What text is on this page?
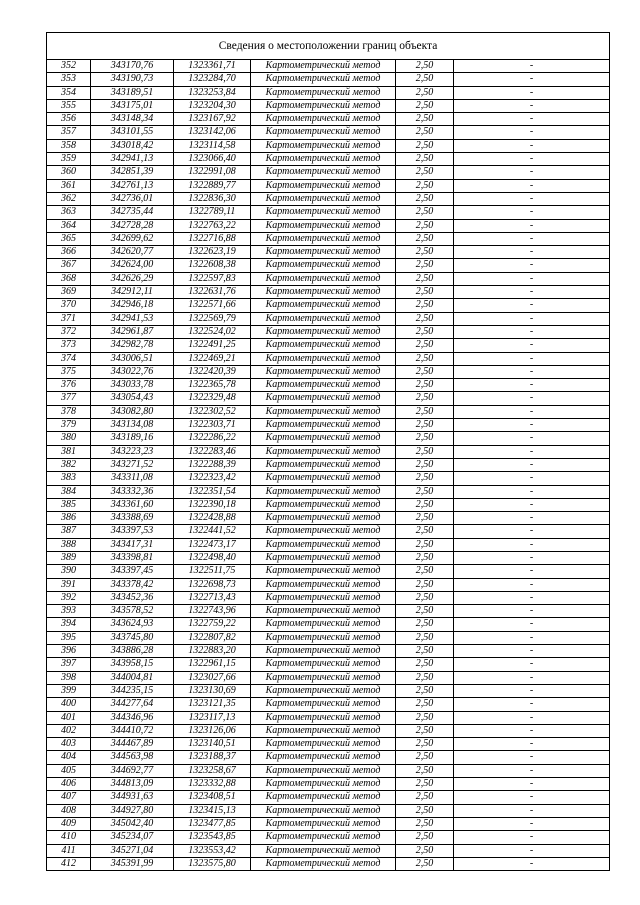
Сведения о местоположении границ объекта					
352	343170,76	1323361,71	Картометрический метод	2,50	-
353	343190,73	1323284,70	Картометрический метод	2,50	-
354	343189,51	1323253,84	Картометрический метод	2,50	-
355	343175,01	1323204,30	Картометрический метод	2,50	-
356	343148,34	1323167,92	Картометрический метод	2,50	-
357	343101,55	1323142,06	Картометрический метод	2,50	-
358	343018,42	1323114,58	Картометрический метод	2,50	-
359	342941,13	1323066,40	Картометрический метод	2,50	-
360	342851,39	1322991,08	Картометрический метод	2,50	-
361	342761,13	1322889,77	Картометрический метод	2,50	-
362	342736,01	1322836,30	Картометрический метод	2,50	-
363	342735,44	1322789,11	Картометрический метод	2,50	-
364	342728,28	1322763,22	Картометрический метод	2,50	-
365	342699,62	1322716,88	Картометрический метод	2,50	-
366	342620,77	1322623,19	Картометрический метод	2,50	-
367	342624,00	1322608,38	Картометрический метод	2,50	-
368	342626,29	1322597,83	Картометрический метод	2,50	-
369	342912,11	1322631,76	Картометрический метод	2,50	-
370	342946,18	1322571,66	Картометрический метод	2,50	-
371	342941,53	1322569,79	Картометрический метод	2,50	-
372	342961,87	1322524,02	Картометрический метод	2,50	-
373	342982,78	1322491,25	Картометрический метод	2,50	-
374	343006,51	1322469,21	Картометрический метод	2,50	-
375	343022,76	1322420,39	Картометрический метод	2,50	-
376	343033,78	1322365,78	Картометрический метод	2,50	-
377	343054,43	1322329,48	Картометрический метод	2,50	-
378	343082,80	1322302,52	Картометрический метод	2,50	-
379	343134,08	1322303,71	Картометрический метод	2,50	-
380	343189,16	1322286,22	Картометрический метод	2,50	-
381	343223,23	1322283,46	Картометрический метод	2,50	-
382	343271,52	1322288,39	Картометрический метод	2,50	-
383	343311,08	1322323,42	Картометрический метод	2,50	-
384	343332,36	1322351,54	Картометрический метод	2,50	-
385	343361,60	1322390,18	Картометрический метод	2,50	-
386	343388,69	1322428,88	Картометрический метод	2,50	-
387	343397,53	1322441,52	Картометрический метод	2,50	-
388	343417,31	1322473,17	Картометрический метод	2,50	-
389	343398,81	1322498,40	Картометрический метод	2,50	-
390	343397,45	1322511,75	Картометрический метод	2,50	-
391	343378,42	1322698,73	Картометрический метод	2,50	-
392	343452,36	1322713,43	Картометрический метод	2,50	-
393	343578,52	1322743,96	Картометрический метод	2,50	-
394	343624,93	1322759,22	Картометрический метод	2,50	-
395	343745,80	1322807,82	Картометрический метод	2,50	-
396	343886,28	1322883,20	Картометрический метод	2,50	-
397	343958,15	1322961,15	Картометрический метод	2,50	-
398	344004,81	1323027,66	Картометрический метод	2,50	-
399	344235,15	1323130,69	Картометрический метод	2,50	-
400	344277,64	1323121,35	Картометрический метод	2,50	-
401	344346,96	1323117,13	Картометрический метод	2,50	-
402	344410,72	1323126,06	Картометрический метод	2,50	-
403	344467,89	1323140,51	Картометрический метод	2,50	-
404	344563,98	1323188,37	Картометрический метод	2,50	-
405	344692,77	1323258,67	Картометрический метод	2,50	-
406	344813,09	1323332,88	Картометрический метод	2,50	-
407	344931,63	1323408,51	Картометрический метод	2,50	-
408	344927,80	1323415,13	Картометрический метод	2,50	-
409	345042,40	1323477,85	Картометрический метод	2,50	-
410	345234,07	1323543,85	Картометрический метод	2,50	-
411	345271,04	1323553,42	Картометрический метод	2,50	-
412	345391,99	1323575,80	Картометрический метод	2,50	-
